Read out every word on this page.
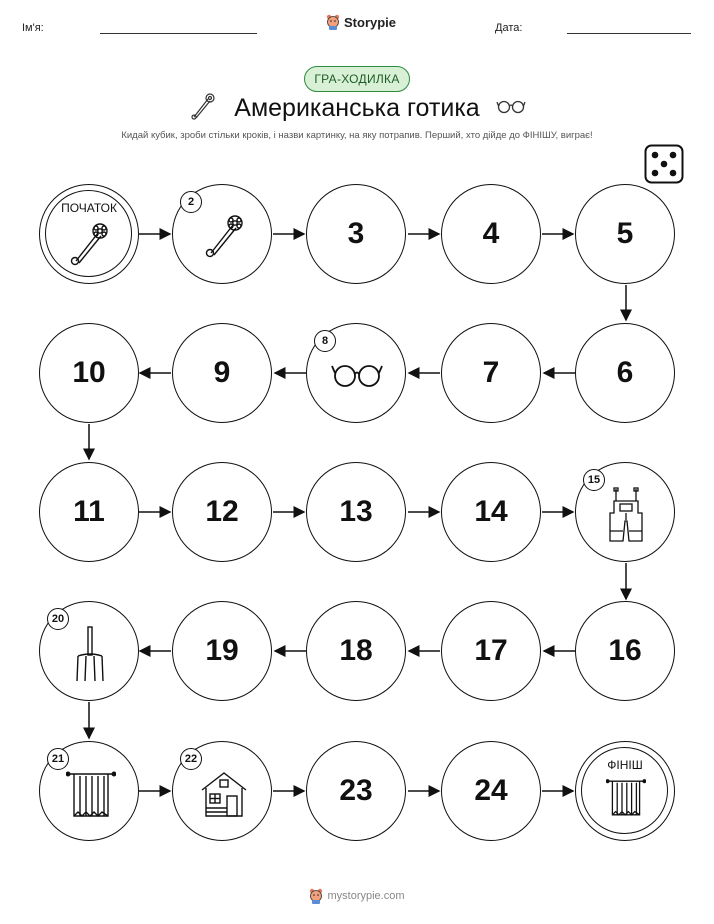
Ім'я:	Storypie	Дата:
ГРА-ХОДИЛКА
Американська готика
Кидай кубик, зроби стільки кроків, і назви картинку, на яку потрапив. Перший, хто дійде до ФІНІШУ, виграє!
ПОЧАТОК	2
3	4	5
6
7
8
9
10
11	12	13	14
15
16
17
18
19
20
21	22
23	24
ФІНІШ
mystorypie.com
